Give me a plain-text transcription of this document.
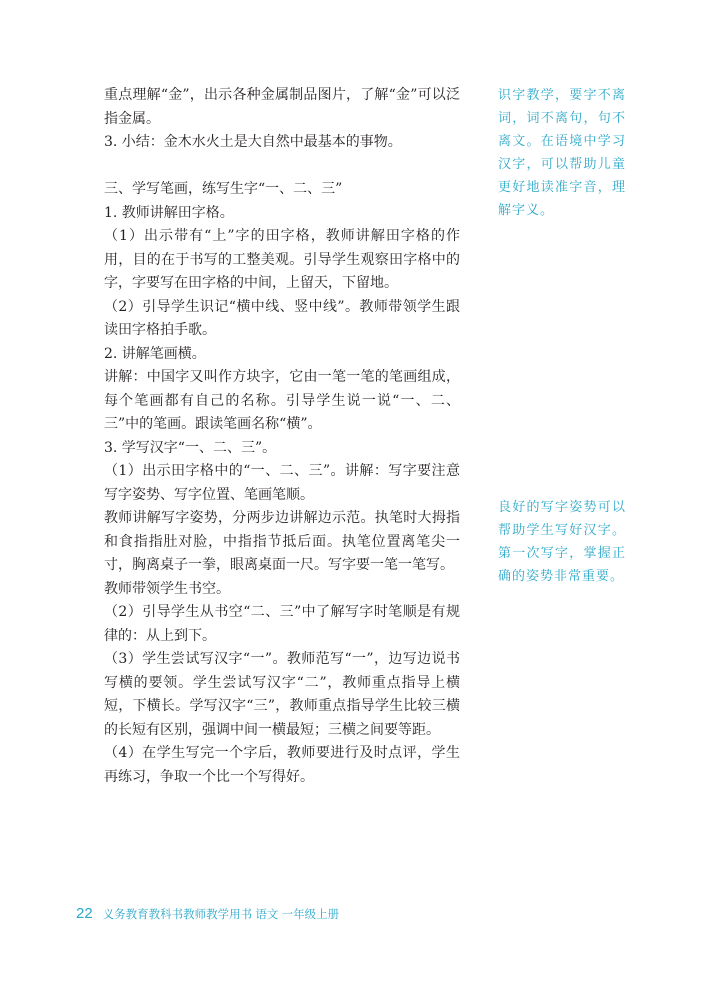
重点理解“金”，出示各种金属制品图片，了解“金”可以泛指金属。

3. 小结：金木水火土是大自然中最基本的事物。

三、学写笔画，练写生字“一、二、三”

1. 教师讲解田字格。

（1）出示带有“上”字的田字格，教师讲解田字格的作用，目的在于书写的工整美观。引导学生观察田字格中的字，字要写在田字格的中间，上留天，下留地。

（2）引导学生识记“横中线、竖中线”。教师带领学生跟读田字格拍手歌。

2. 讲解笔画横。

讲解：中国字又叫作方块字，它由一笔一笔的笔画组成，每个笔画都有自己的名称。引导学生说一说“一、二、三”中的笔画。跟读笔画名称“横”。

3. 学写汉字“一、二、三”。

（1）出示田字格中的“一、二、三”。讲解：写字要注意写字姿势、写字位置、笔画笔顺。

教师讲解写字姿势，分两步边讲解边示范。执笔时大拇指和食指指肚对脸，中指指节抵后面。执笔位置离笔尖一寸，胸离桌子一拳，眼离桌面一尺。写字要一笔一笔写。

教师带领学生书空。

（2）引导学生从书空“二、三”中了解写字时笔顺是有规律的：从上到下。

（3）学生尝试写汉字“一”。教师范写“一”，边写边说书写横的要领。学生尝试写汉字“二”，教师重点指导上横短，下横长。学写汉字“三”，教师重点指导学生比较三横的长短有区别，强调中间一横最短；三横之间要等距。

（4）在学生写完一个字后，教师要进行及时点评，学生再练习，争取一个比一个写得好。

识字教学，要字不离词，词不离句，句不离文。在语境中学习汉字，可以帮助儿童更好地读准字音，理解字义。
良好的写字姿势可以帮助学生写好汉字。第一次写字，掌握正确的姿势非常重要。
22 义务教育教科书教师教学用书 语文 一年级上册
